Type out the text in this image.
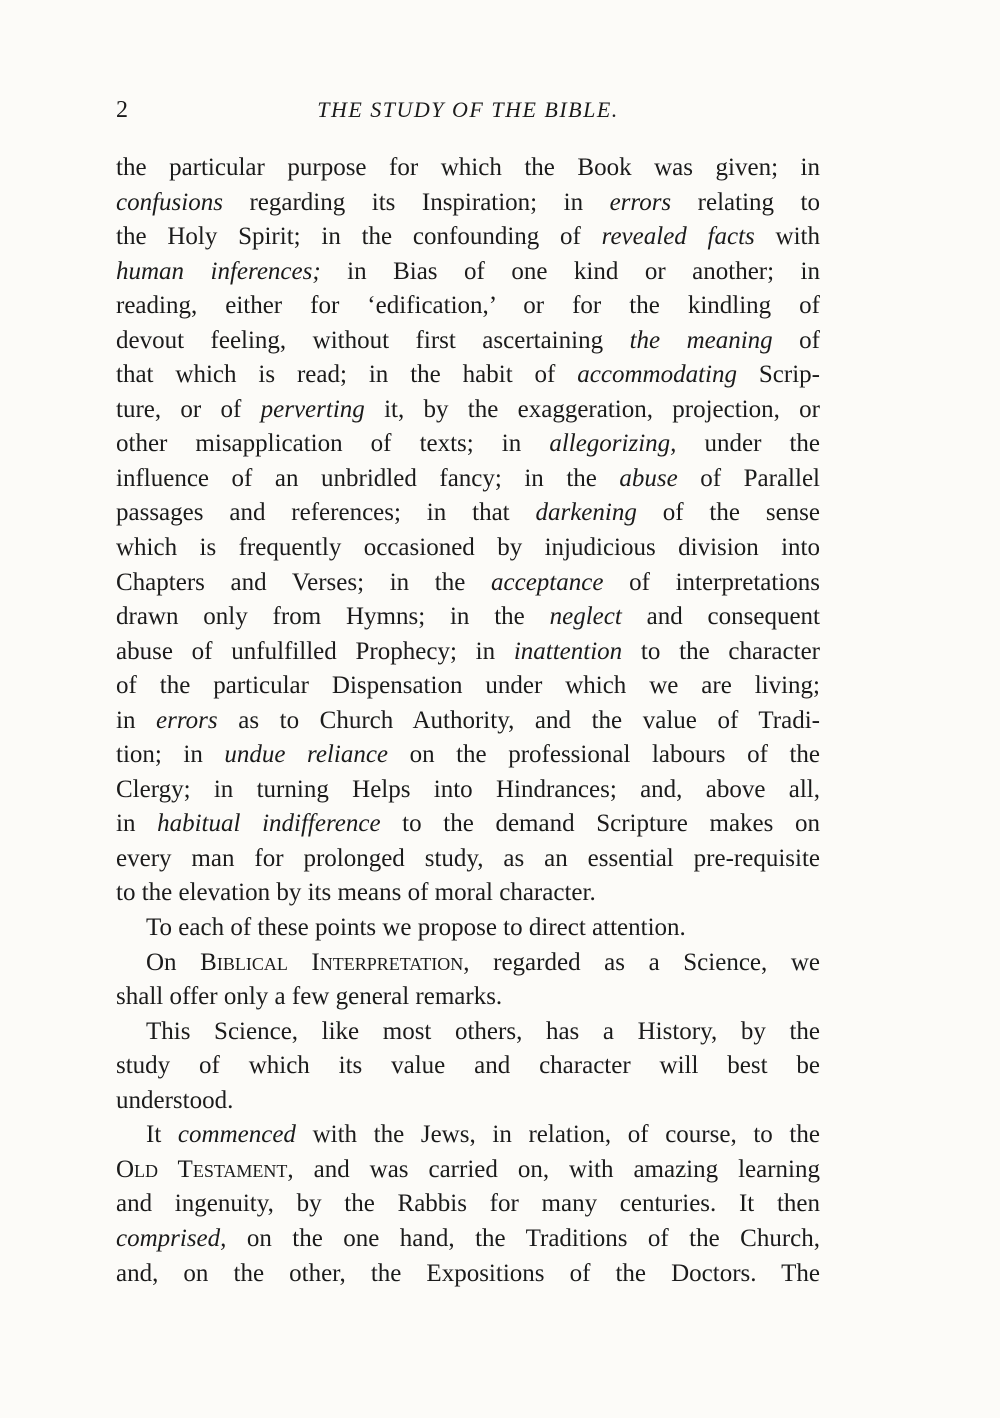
2	THE STUDY OF THE BIBLE.
the particular purpose for which the Book was given; in
confusions regarding its Inspiration; in errors relating to
the Holy Spirit; in the confounding of revealed facts with
human inferences; in Bias of one kind or another; in
reading, either for ‘edification,’ or for the kindling of
devout feeling, without first ascertaining the meaning of
that which is read; in the habit of accommodating Scrip-
ture, or of perverting it, by the exaggeration, projection, or
other misapplication of texts; in allegorizing, under the
influence of an unbridled fancy; in the abuse of Parallel
passages and references; in that darkening of the sense
which is frequently occasioned by injudicious division into
Chapters and Verses; in the acceptance of interpretations
drawn only from Hymns; in the neglect and consequent
abuse of unfulfilled Prophecy; in inattention to the character
of the particular Dispensation under which we are living;
in errors as to Church Authority, and the value of Tradi-
tion; in undue reliance on the professional labours of the
Clergy; in turning Helps into Hindrances; and, above all,
in habitual indifference to the demand Scripture makes on
every man for prolonged study, as an essential pre-requisite
to the elevation by its means of moral character.
To each of these points we propose to direct attention.
On Biblical Interpretation, regarded as a Science, we
shall offer only a few general remarks.
This Science, like most others, has a History, by the
study of which its value and character will best be
understood.
It commenced with the Jews, in relation, of course, to the
Old Testament, and was carried on, with amazing learning
and ingenuity, by the Rabbis for many centuries. It then
comprised, on the one hand, the Traditions of the Church,
and, on the other, the Expositions of the Doctors. The
